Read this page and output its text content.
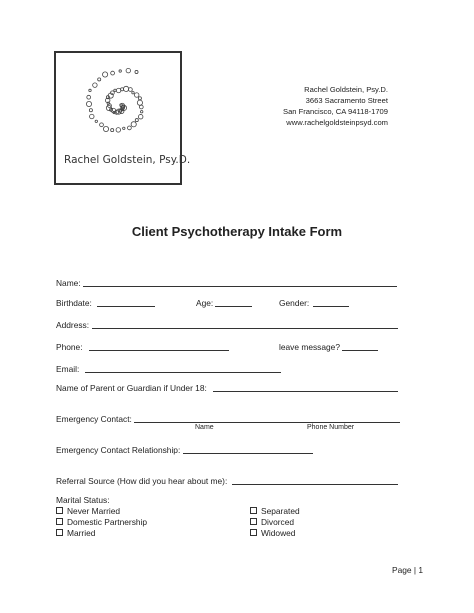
Rachel Goldstein, Psy.D.
Rachel Goldstein, Psy.D.
3663 Sacramento Street
San Francisco, CA 94118-1709
www.rachelgoldsteinpsyd.com
Client Psychotherapy Intake Form
Name:
Birthdate:	Age:	Gender:
Address:
Phone:	leave message?
Email:
Name of Parent or Guardian if Under 18:
Emergency Contact:
Name	Phone Number
Emergency Contact Relationship:
Referral Source (How did you hear about me):
Marital Status:
Never Married
Domestic Partnership
Married
Separated
Divorced
Widowed
Page | 1
